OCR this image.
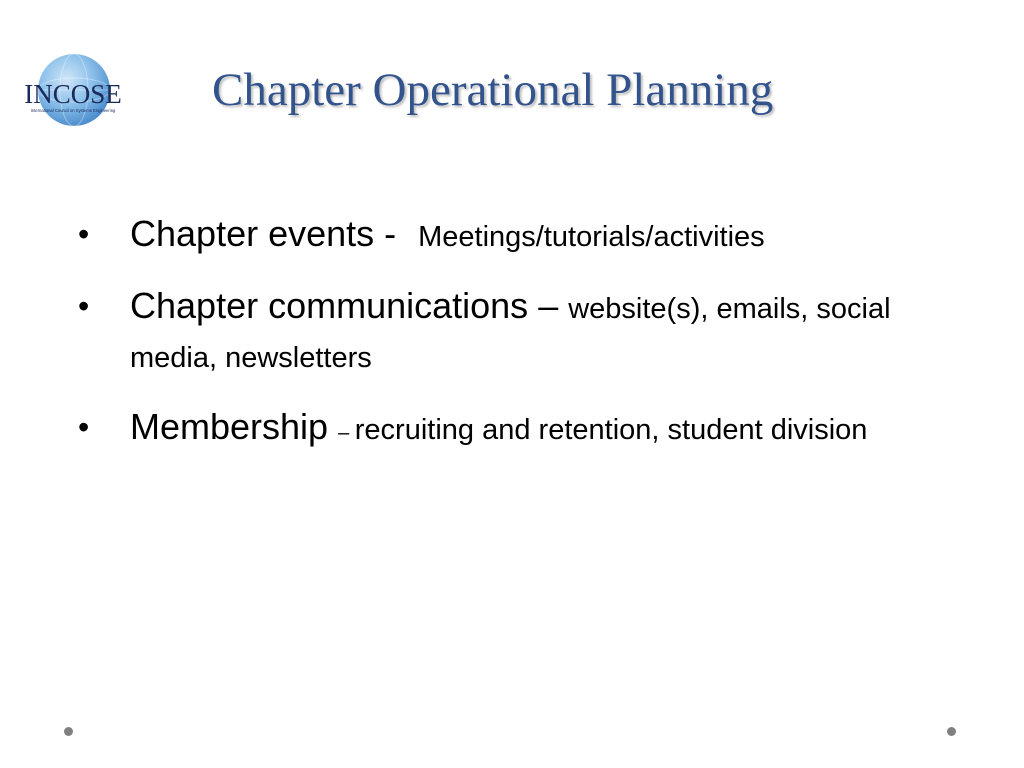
INCOSE
International Council on Systems Engineering Chapter Operational Planning
• Chapter events - Meetings/tutorials/activities
• Chapter communications – website(s), emails, social media, newsletters
• Membership – recruiting and retention, student division
